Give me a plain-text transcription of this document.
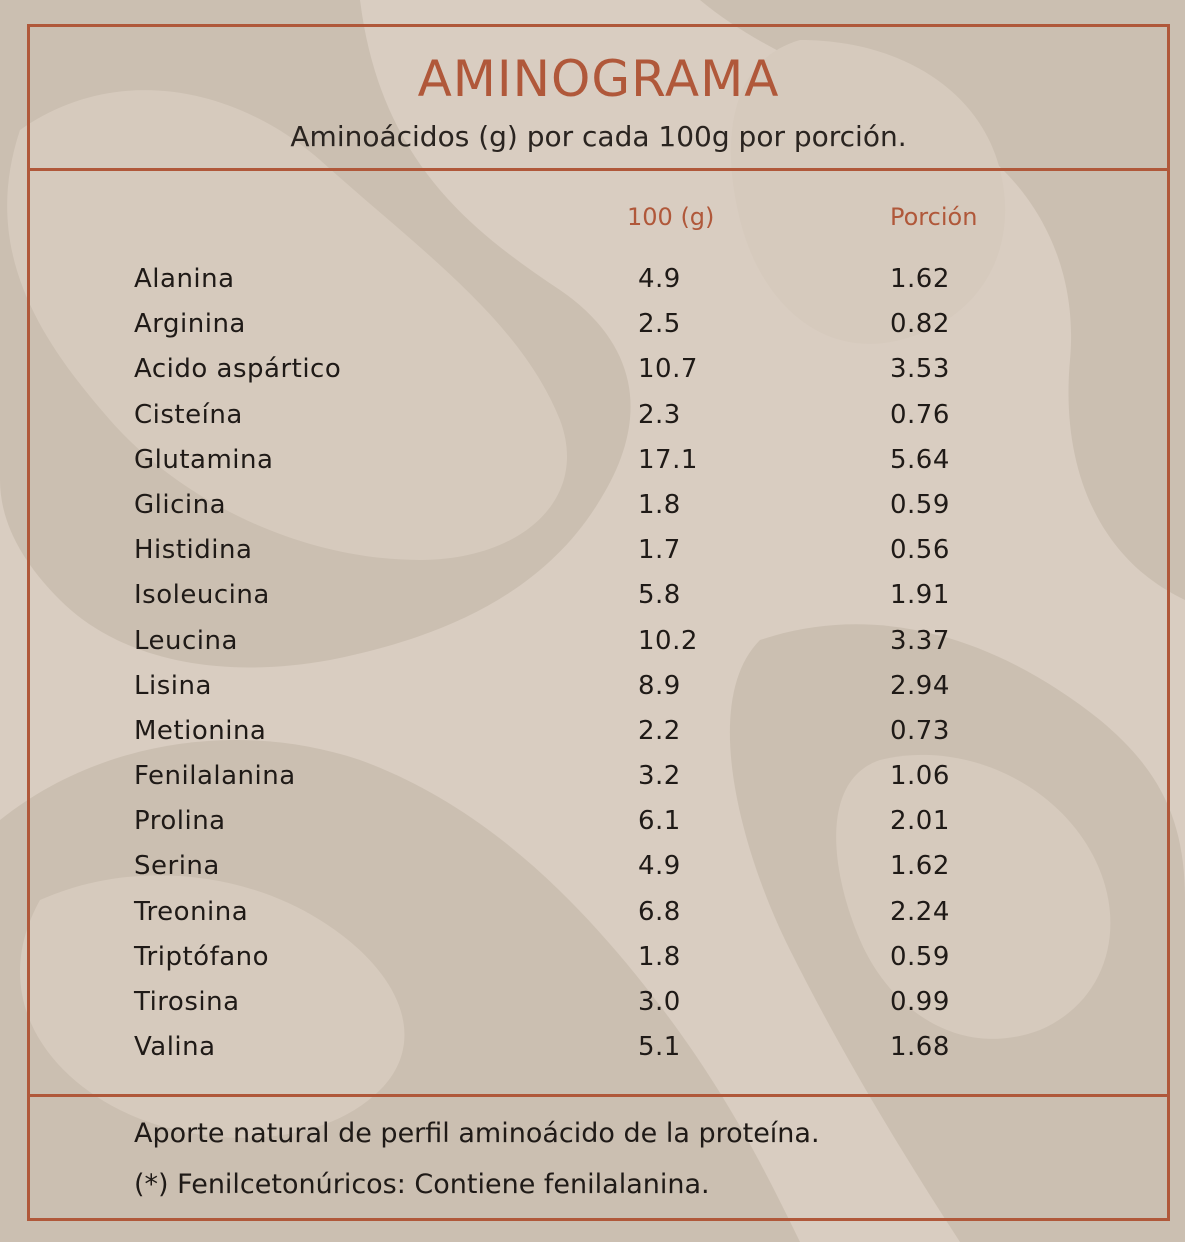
AMINOGRAMA
Aminoácidos (g) por cada 100g por porción.
100 (g)	Porción
Alanina	4.9	1.62
Arginina	2.5	0.82
Acido aspártico	10.7	3.53
Cisteína	2.3	0.76
Glutamina	17.1	5.64
Glicina	1.8	0.59
Histidina	1.7	0.56
Isoleucina	5.8	1.91
Leucina	10.2	3.37
Lisina	8.9	2.94
Metionina	2.2	0.73
Fenilalanina	3.2	1.06
Prolina	6.1	2.01
Serina	4.9	1.62
Treonina	6.8	2.24
Triptófano	1.8	0.59
Tirosina	3.0	0.99
Valina	5.1	1.68
Aporte natural de perfil aminoácido de la proteína.
(*) Fenilcetonúricos: Contiene fenilalanina.
